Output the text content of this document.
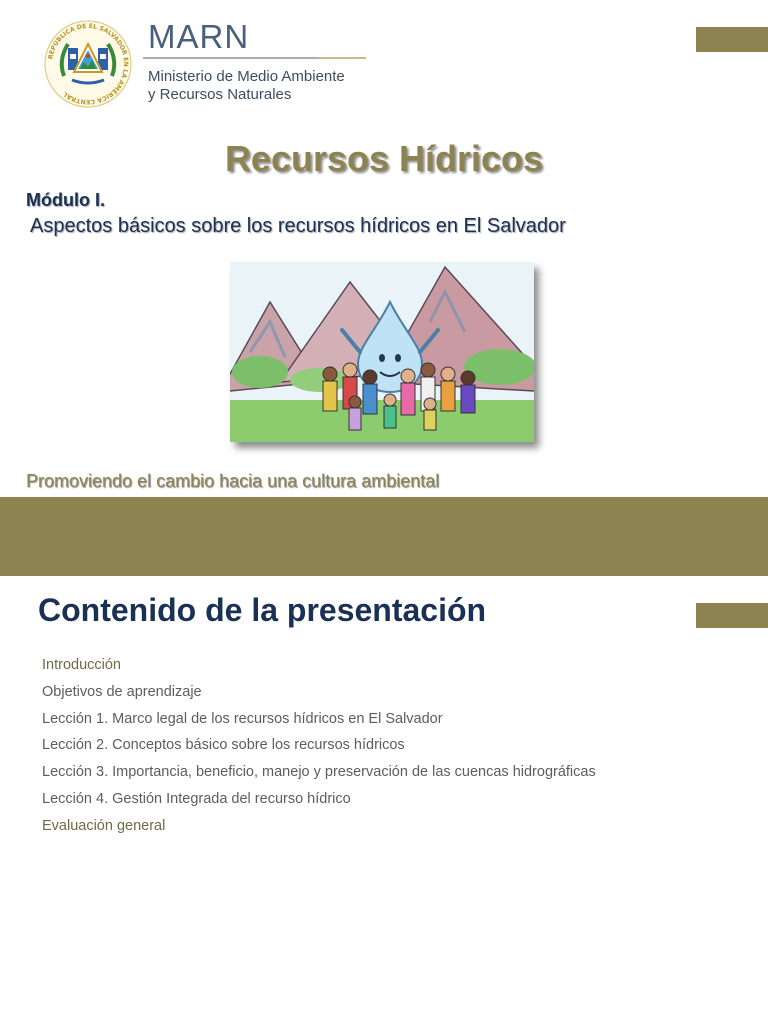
REPÚBLICA DE EL SALVADOR EN LA AMÉRICA CENTRAL
MARN
Ministerio de Medio Ambiente
y Recursos Naturales
Recursos Hídricos
Módulo I.
Aspectos básicos sobre los recursos hídricos en El Salvador
Promoviendo el cambio hacia una cultura ambiental
Contenido de la presentación
Introducción
Objetivos de aprendizaje
Lección 1. Marco legal de los recursos hídricos en El Salvador
Lección 2. Conceptos básico sobre los recursos hídricos
Lección 3. Importancia, beneficio, manejo y preservación de las cuencas hidrográficas
Lección 4. Gestión Integrada del recurso hídrico
Evaluación general
